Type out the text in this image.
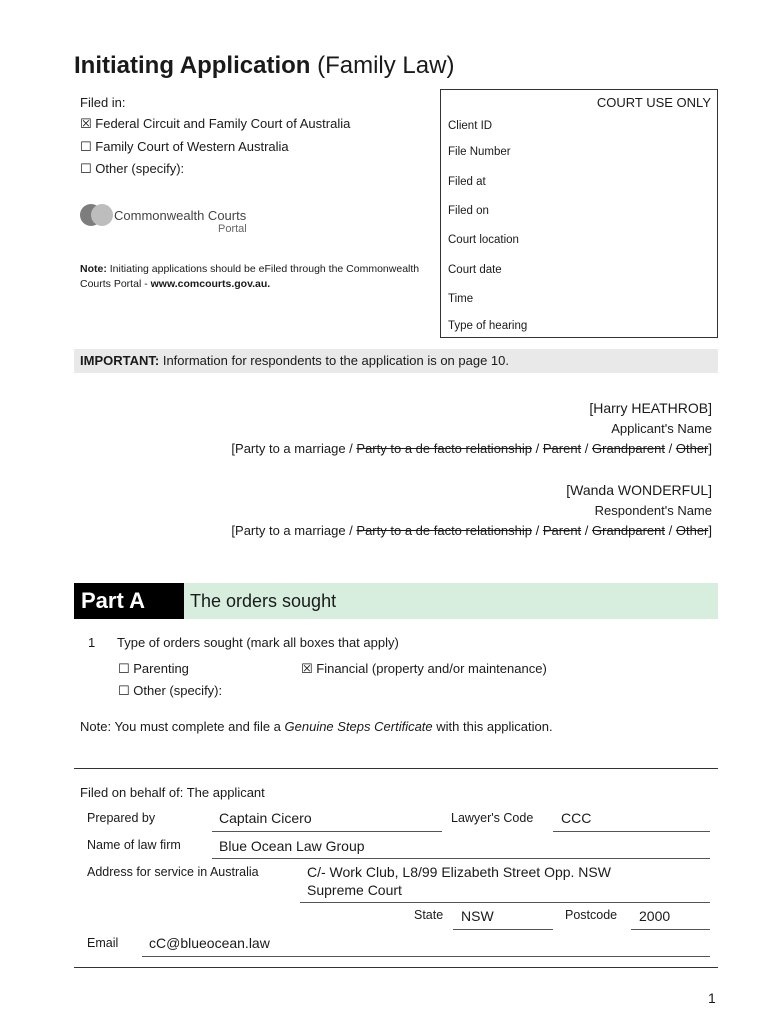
Initiating Application (Family Law)
Filed in:
☒ Federal Circuit and Family Court of Australia
☐ Family Court of Western Australia
☐ Other (specify):
Commonwealth Courts
Portal
Note: Initiating applications should be eFiled through the Commonwealth Courts Portal - www.comcourts.gov.au.
COURT USE ONLY
Client ID
File Number
Filed at
Filed on
Court location
Court date
Time
Type of hearing
IMPORTANT: Information for respondents to the application is on page 10.
[Harry HEATHROB]
Applicant's Name
[Party to a marriage / Party to a de facto relationship / Parent / Grandparent / Other]
[Wanda WONDERFUL]
Respondent's Name
[Party to a marriage / Party to a de facto relationship / Parent / Grandparent / Other]
Part A	The orders sought
1 Type of orders sought (mark all boxes that apply)
☐ Parenting	☒ Financial (property and/or maintenance)
☐ Other (specify):
Note: You must complete and file a Genuine Steps Certificate with this application.
Filed on behalf of: The applicant
Prepared by	Captain Cicero	Lawyer's Code CCC
Name of law firm	Blue Ocean Law Group
Address for service in Australia	C/- Work Club, L8/99 Elizabeth Street Opp. NSW
Supreme Court
State NSW	Postcode 2000
Email cC@blueocean.law
1
